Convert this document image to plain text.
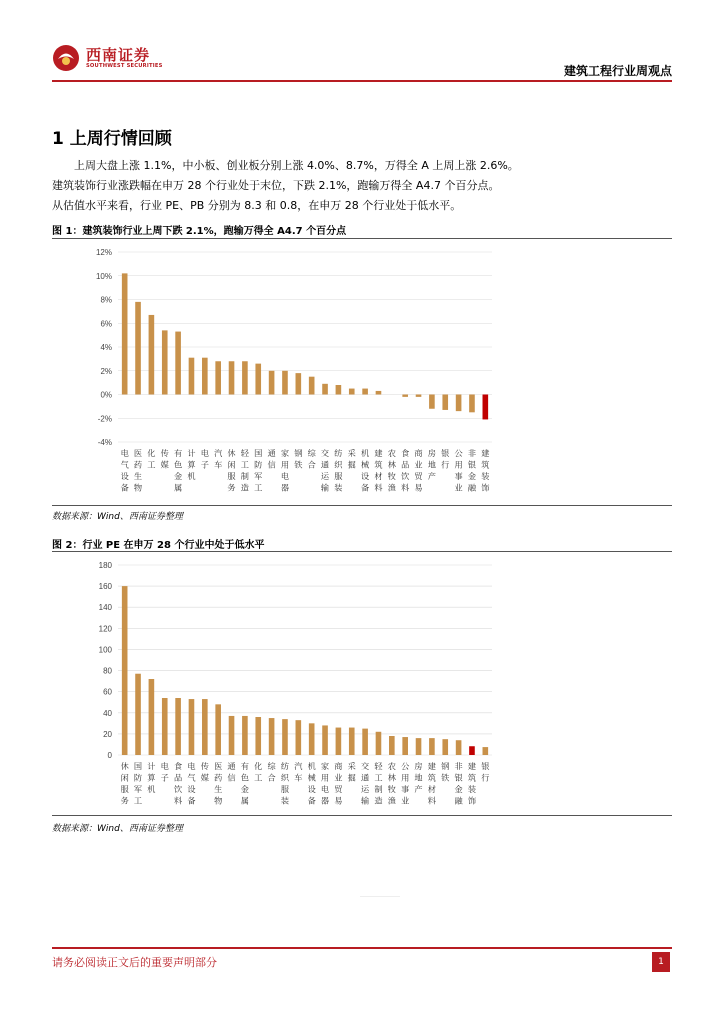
西南证券
SOUTHWEST SECURITIES	建筑工程行业周观点
1 上周行情回顾
上周大盘上涨 1.1%，中小板、创业板分别上涨 4.0%、8.7%，万得全 A 上周上涨 2.6%。
建筑装饰行业涨跌幅在申万 28 个行业处于末位，下跌 2.1%，跑输万得全 A4.7 个百分点。
从估值水平来看，行业 PE、PB 分别为 8.3 和 0.8，在申万 28 个行业处于低水平。
图 1：建筑装饰行业上周下跌 2.1%，跑输万得全 A4.7 个百分点
-4%
-2%
0%
2%
4%
6%
8%
10%
12%
电气设备
医药生物
化工
传媒
有色金属
计算机
电子
汽车
休闲服务
轻工制造
国防军工
通信
家用电器
钢铁
综合
交通运输
纺织服装
采掘
机械设备
建筑材料
农林牧渔
食品饮料
商业贸易
房地产
银行
公用事业
非银金融
建筑装饰
数据来源：Wind、西南证券整理
图 2：行业 PE 在申万 28 个行业中处于低水平
0
20
40
60
80
100
120
140
160
180
休闲服务
国防军工
计算机
电子
食品饮料
电气设备
传媒
医药生物
通信
有色金属
化工
综合
纺织服装
汽车
机械设备
家用电器
商业贸易
采掘
交通运输
轻工制造
农林牧渔
公用事业
房地产
建筑材料
钢铁
非银金融
建筑装饰
银行
数据来源：Wind、西南证券整理
请务必阅读正文后的重要声明部分	1
